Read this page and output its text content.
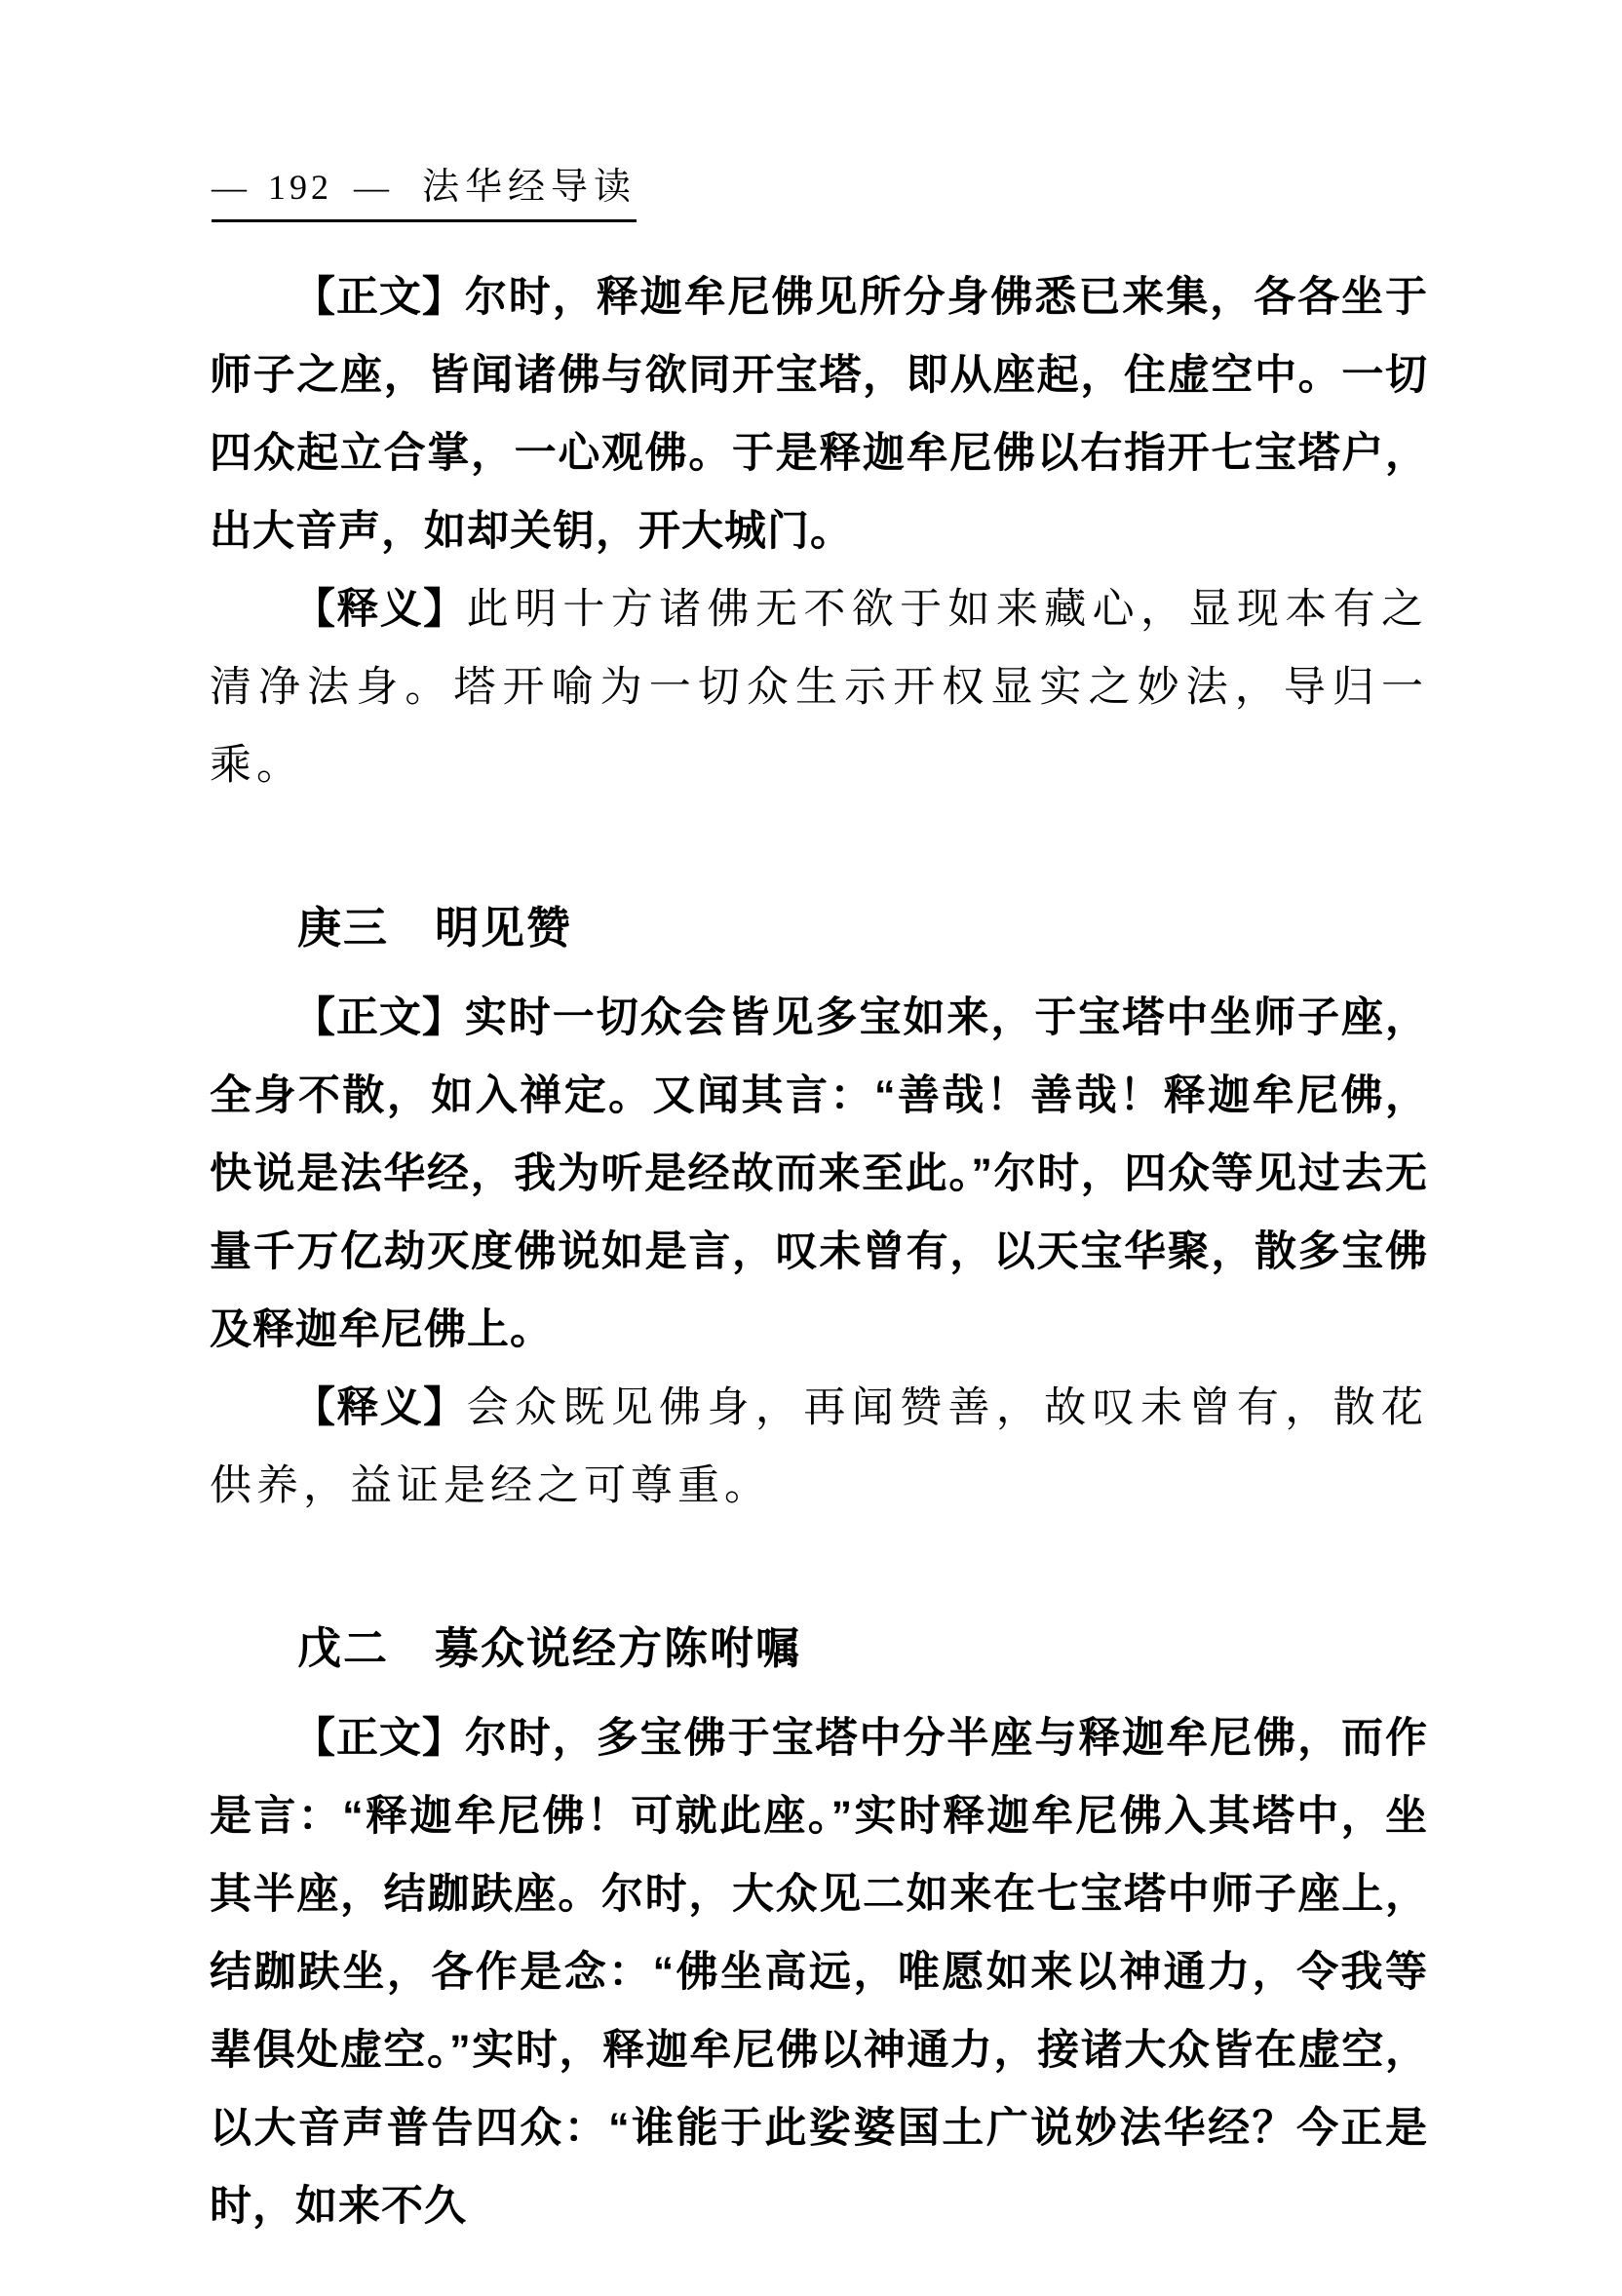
— 192 — 法华经导读

【正文】尔时，释迦牟尼佛见所分身佛悉已来集，各各坐于师子之座，皆闻诸佛与欲同开宝塔，即从座起，住虚空中。一切四众起立合掌，一心观佛。于是释迦牟尼佛以右指开七宝塔户，出大音声，如却关钥，开大城门。

【释义】此明十方诸佛无不欲于如来藏心，显现本有之清净法身。塔开喻为一切众生示开权显实之妙法，导归一乘。

庚三　明见赞

【正文】实时一切众会皆见多宝如来，于宝塔中坐师子座，全身不散，如入禅定。又闻其言：“善哉！善哉！释迦牟尼佛，快说是法华经，我为听是经故而来至此。”尔时，四众等见过去无量千万亿劫灭度佛说如是言，叹未曾有，以天宝华聚，散多宝佛及释迦牟尼佛上。

【释义】会众既见佛身，再闻赞善，故叹未曾有，散花供养，益证是经之可尊重。

戊二　募众说经方陈咐嘱

【正文】尔时，多宝佛于宝塔中分半座与释迦牟尼佛，而作是言：“释迦牟尼佛！可就此座。”实时释迦牟尼佛入其塔中，坐其半座，结跏趺座。尔时，大众见二如来在七宝塔中师子座上，结跏趺坐，各作是念：“佛坐高远，唯愿如来以神通力，令我等辈俱处虚空。”实时，释迦牟尼佛以神通力，接诸大众皆在虚空，以大音声普告四众：“谁能于此娑婆国土广说妙法华经？今正是时，如来不久
